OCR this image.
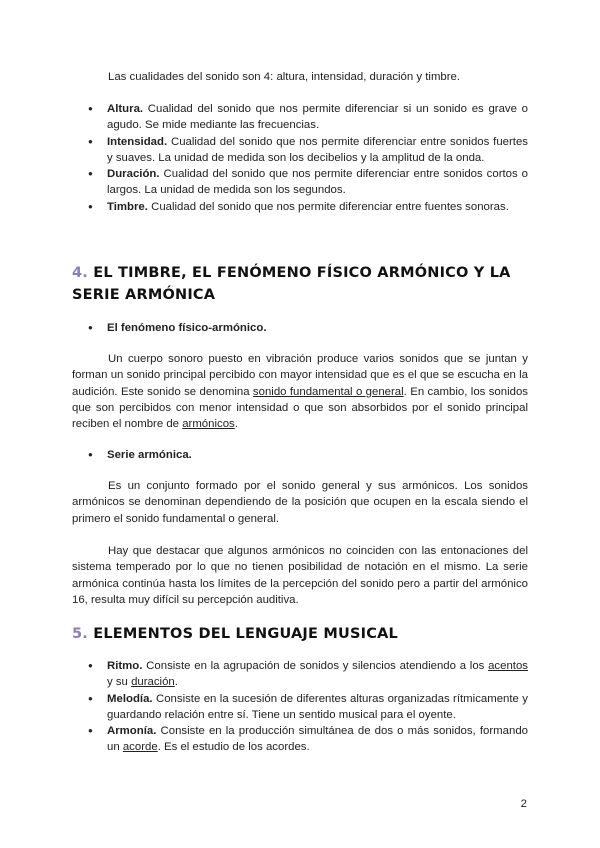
Las cualidades del sonido son 4: altura, intensidad, duración y timbre.
● Altura. Cualidad del sonido que nos permite diferenciar si un sonido es grave o agudo. Se mide mediante las frecuencias.
● Intensidad. Cualidad del sonido que nos permite diferenciar entre sonidos fuertes y suaves. La unidad de medida son los decibelios y la amplitud de la onda.
● Duración. Cualidad del sonido que nos permite diferenciar entre sonidos cortos o largos. La unidad de medida son los segundos.
● Timbre. Cualidad del sonido que nos permite diferenciar entre fuentes sonoras.
4. EL TIMBRE, EL FENÓMENO FÍSICO ARMÓNICO Y LA SERIE ARMÓNICA
● El fenómeno físico-armónico.
Un cuerpo sonoro puesto en vibración produce varios sonidos que se juntan y forman un sonido principal percibido con mayor intensidad que es el que se escucha en la audición. Este sonido se denomina sonido fundamental o general. En cambio, los sonidos que son percibidos con menor intensidad o que son absorbidos por el sonido principal reciben el nombre de armónicos.
● Serie armónica.
Es un conjunto formado por el sonido general y sus armónicos. Los sonidos armónicos se denominan dependiendo de la posición que ocupen en la escala siendo el primero el sonido fundamental o general.
Hay que destacar que algunos armónicos no coinciden con las entonaciones del sistema temperado por lo que no tienen posibilidad de notación en el mismo. La serie armónica continúa hasta los límites de la percepción del sonido pero a partir del armónico 16, resulta muy difícil su percepción auditiva.
5. ELEMENTOS DEL LENGUAJE MUSICAL
● Ritmo. Consiste en la agrupación de sonidos y silencios atendiendo a los acentos y su duración.
● Melodía. Consiste en la sucesión de diferentes alturas organizadas rítmicamente y guardando relación entre sí. Tiene un sentido musical para el oyente.
● Armonía. Consiste en la producción simultánea de dos o más sonidos, formando un acorde. Es el estudio de los acordes.
2
